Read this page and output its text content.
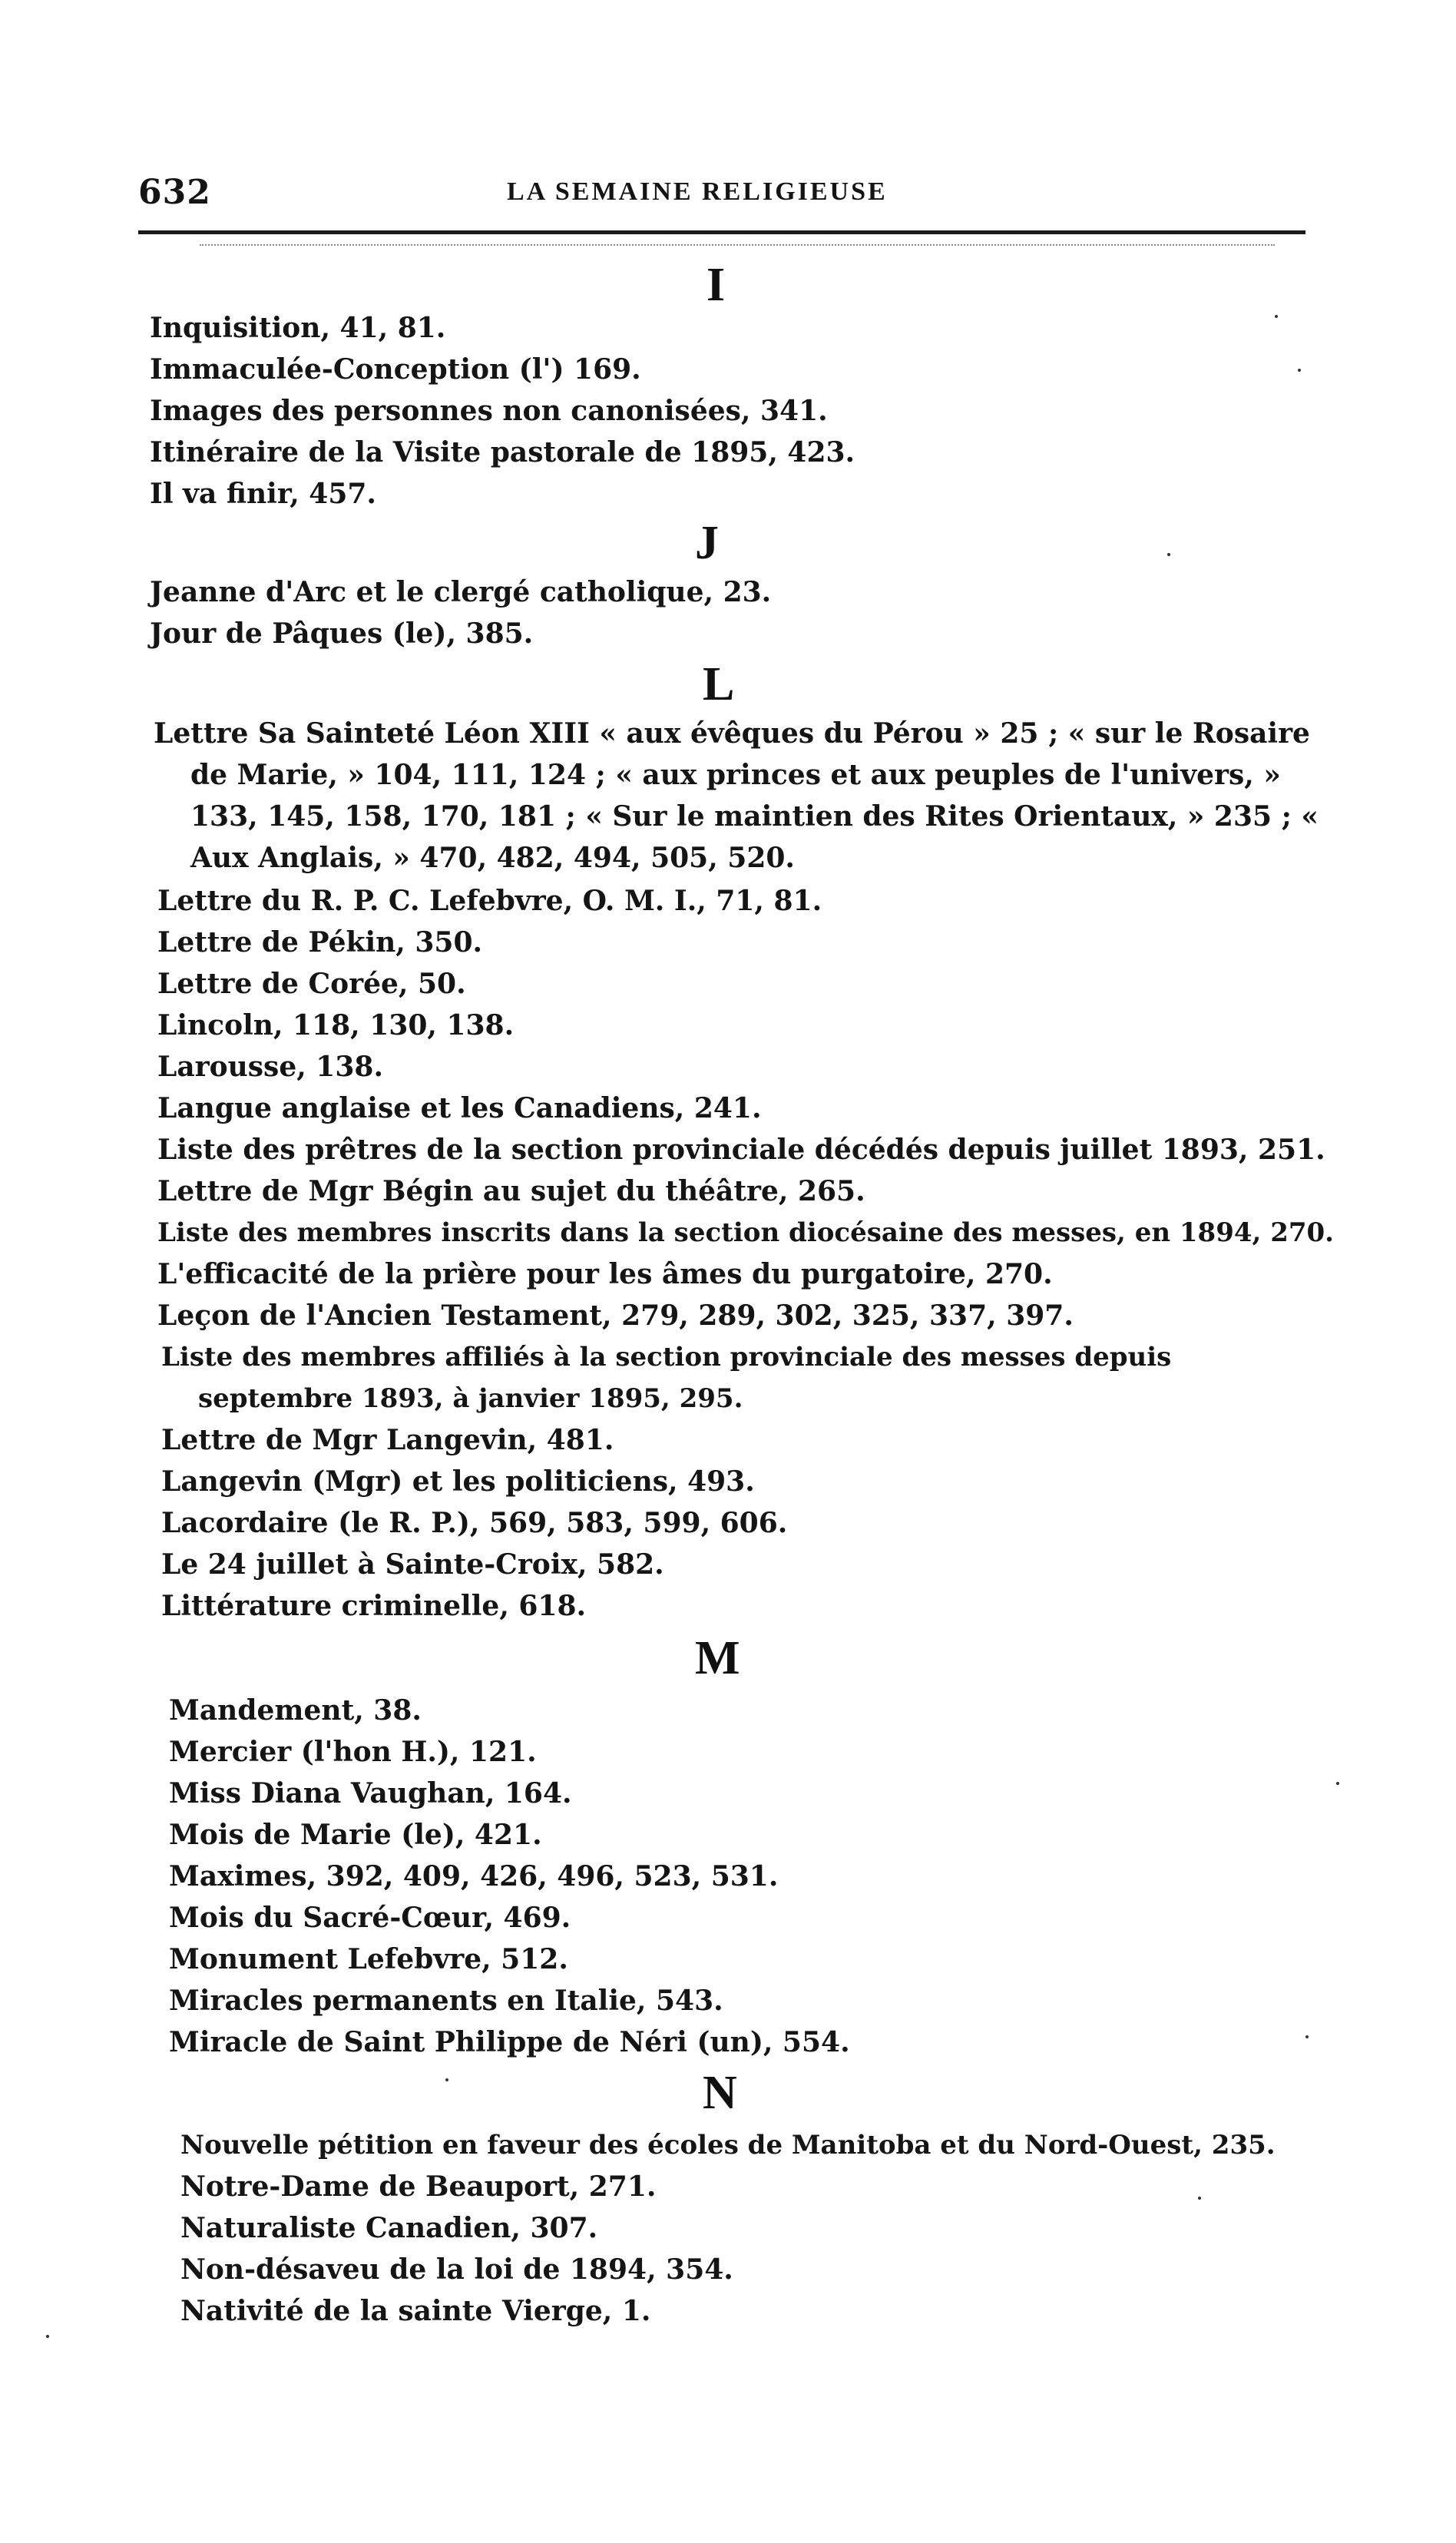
632	LA SEMAINE RELIGIEUSE
I
Inquisition, 41, 81.
Immaculée-Conception (l') 169.
Images des personnes non canonisées, 341.
Itinéraire de la Visite pastorale de 1895, 423.
Il va finir, 457.
J
Jeanne d'Arc et le clergé catholique, 23.
Jour de Pâques (le), 385.
L
Lettre Sa Sainteté Léon XIII « aux évêques du Pérou » 25 ; « sur le Rosaire de Marie, » 104, 111, 124 ; « aux princes et aux peuples de l'univers, » 133, 145, 158, 170, 181 ; « Sur le maintien des Rites Orientaux, » 235 ; « Aux Anglais, » 470, 482, 494, 505, 520.
Lettre du R. P. C. Lefebvre, O. M. I., 71, 81.
Lettre de Pékin, 350.
Lettre de Corée, 50.
Lincoln, 118, 130, 138.
Larousse, 138.
Langue anglaise et les Canadiens, 241.
Liste des prêtres de la section provinciale décédés depuis juillet 1893, 251.
Lettre de Mgr Bégin au sujet du théâtre, 265.
Liste des membres inscrits dans la section diocésaine des messes, en 1894, 270.
L'efficacité de la prière pour les âmes du purgatoire, 270.
Leçon de l'Ancien Testament, 279, 289, 302, 325, 337, 397.
Liste des membres affiliés à la section provinciale des messes depuis septembre 1893, à janvier 1895, 295.
Lettre de Mgr Langevin, 481.
Langevin (Mgr) et les politiciens, 493.
Lacordaire (le R. P.), 569, 583, 599, 606.
Le 24 juillet à Sainte-Croix, 582.
Littérature criminelle, 618.
M
Mandement, 38.
Mercier (l'hon H.), 121.
Miss Diana Vaughan, 164.
Mois de Marie (le), 421.
Maximes, 392, 409, 426, 496, 523, 531.
Mois du Sacré-Cœur, 469.
Monument Lefebvre, 512.
Miracles permanents en Italie, 543.
Miracle de Saint Philippe de Néri (un), 554.
N
Nouvelle pétition en faveur des écoles de Manitoba et du Nord-Ouest, 235.
Notre-Dame de Beauport, 271.
Naturaliste Canadien, 307.
Non-désaveu de la loi de 1894, 354.
Nativité de la sainte Vierge, 1.
